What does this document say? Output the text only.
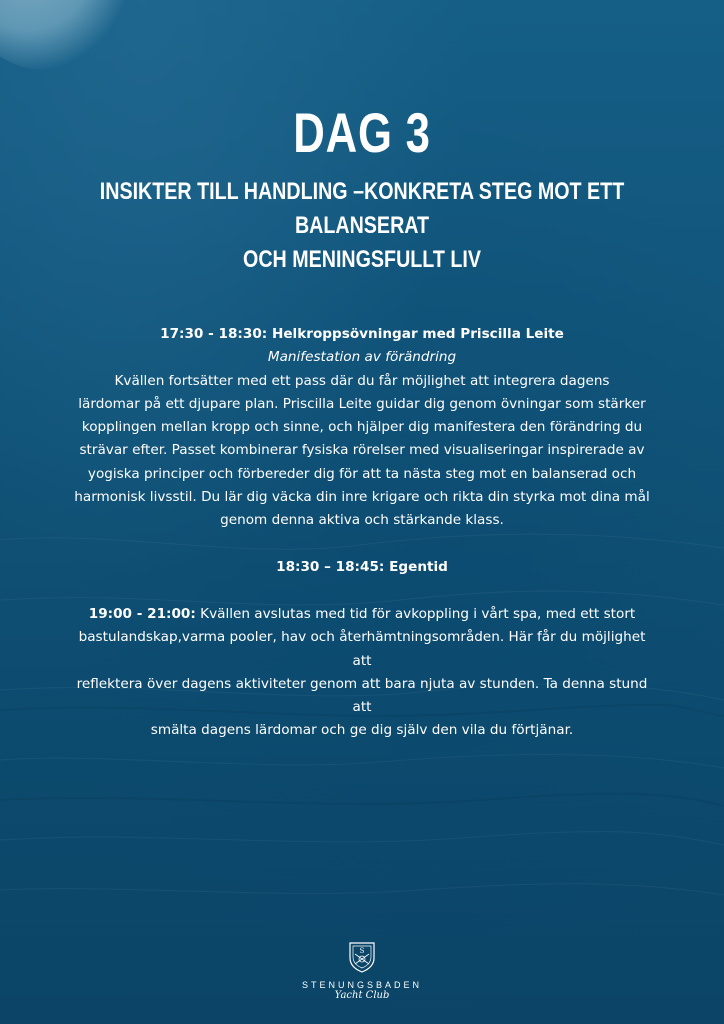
DAG 3
INSIKTER TILL HANDLING –KONKRETA STEG MOT ETT BALANSERAT
OCH MENINGSFULLT LIV

17:30 - 18:30: Helkroppsövningar med Priscilla Leite

Manifestation av förändring

Kvällen fortsätter med ett pass där du får möjlighet att integrera dagens

lärdomar på ett djupare plan. Priscilla Leite guidar dig genom övningar som stärker

kopplingen mellan kropp och sinne, och hjälper dig manifestera den förändring du

strävar efter. Passet kombinerar fysiska rörelser med visualiseringar inspirerade av

yogiska principer och förbereder dig för att ta nästa steg mot en balanserad och

harmonisk livsstil. Du lär dig väcka din inre krigare och rikta din styrka mot dina mål

genom denna aktiva och stärkande klass.

18:30 – 18:45: Egentid

19:00 - 21:00: Kvällen avslutas med tid för avkoppling i vårt spa, med ett stort

bastulandskap,varma pooler, hav och återhämtningsområden. Här får du möjlighet att

reflektera över dagens aktiviteter genom att bara njuta av stunden. Ta denna stund att

smälta dagens lärdomar och ge dig själv den vila du förtjänar.

S
STENUNGSBADEN
Yacht Club
